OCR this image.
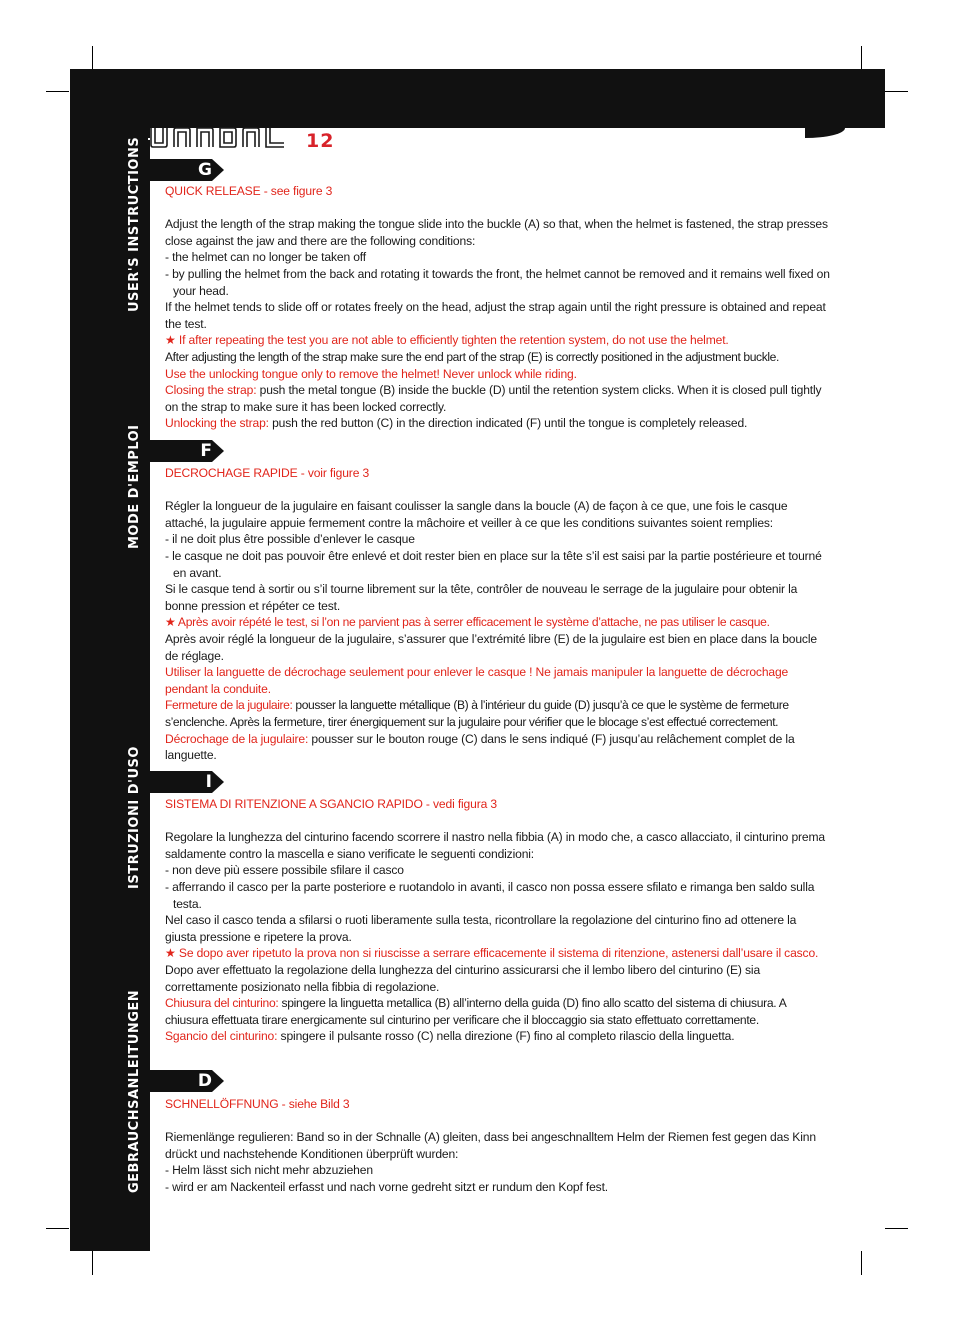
12
USER'S INSTRUCTIONS
MODE D'EMPLOI
ISTRUZIONI D'USO
GEBRAUCHSANLEITUNGEN
G
F
I
D

QUICK RELEASE - see figure 3

Adjust the length of the strap making the tongue slide into the buckle (A) so that, when the helmet is fastened, the strap presses close against the jaw and there are the following conditions:

- the helmet can no longer be taken off

- by pulling the helmet from the back and rotating it towards the front, the helmet cannot be removed and it remains well fixed on your head.

If the helmet tends to slide off or rotates freely on the head, adjust the strap again until the right pressure is obtained and repeat the test.

★ If after repeating the test you are not able to efficiently tighten the retention system, do not use the helmet.

After adjusting the length of the strap make sure the end part of the strap (E) is correctly positioned in the adjustment buckle.

Use the unlocking tongue only to remove the helmet! Never unlock while riding.

Closing the strap: push the metal tongue (B) inside the buckle (D) until the retention system clicks. When it is closed pull tightly on the strap to make sure it has been locked correctly.

Unlocking the strap: push the red button (C) in the direction indicated (F) until the tongue is completely released.

DECROCHAGE RAPIDE - voir figure 3

Régler la longueur de la jugulaire en faisant coulisser la sangle dans la boucle (A) de façon à ce que, une fois le casque attaché, la jugulaire appuie fermement contre la mâchoire et veiller à ce que les conditions suivantes soient remplies:

- il ne doit plus être possible d’enlever le casque

- le casque ne doit pas pouvoir être enlevé et doit rester bien en place sur la tête s’il est saisi par la partie postérieure et tourné en avant.

Si le casque tend à sortir ou s’il tourne librement sur la tête, contrôler de nouveau le serrage de la jugulaire pour obtenir la bonne pression et répéter ce test.

★ Après avoir répété le test, si l’on ne parvient pas à serrer efficacement le système d’attache, ne pas utiliser le casque.

Après avoir réglé la longueur de la jugulaire, s’assurer que l’extrémité libre (E) de la jugulaire est bien en place dans la boucle de réglage.

Utiliser la languette de décrochage seulement pour enlever le casque ! Ne jamais manipuler la languette de décrochage pendant la conduite.

Fermeture de la jugulaire: pousser la languette métallique (B) à l’intérieur du guide (D) jusqu’à ce que le système de fermeture s’enclenche. Après la fermeture, tirer énergiquement sur la jugulaire pour vérifier que le blocage s’est effectué correctement.

Décrochage de la jugulaire: pousser sur le bouton rouge (C) dans le sens indiqué (F) jusqu’au relâchement complet de la languette.

SISTEMA DI RITENZIONE A SGANCIO RAPIDO - vedi figura 3

Regolare la lunghezza del cinturino facendo scorrere il nastro nella fibbia (A) in modo che, a casco allacciato, il cinturino prema saldamente contro la mascella e siano verificate le seguenti condizioni:

- non deve più essere possibile sfilare il casco

- afferrando il casco per la parte posteriore e ruotandolo in avanti, il casco non possa essere sfilato e rimanga ben saldo sulla testa.

Nel caso il casco tenda a sfilarsi o ruoti liberamente sulla testa, ricontrollare la regolazione del cinturino fino ad ottenere la giusta pressione e ripetere la prova.

★ Se dopo aver ripetuto la prova non si riuscisse a serrare efficacemente il sistema di ritenzione, astenersi dall’usare il casco.

Dopo aver effettuato la regolazione della lunghezza del cinturino assicurarsi che il lembo libero del cinturino (E) sia correttamente posizionato nella fibbia di regolazione.

Chiusura del cinturino: spingere la linguetta metallica (B) all’interno della guida (D) fino allo scatto del sistema di chiusura. A chiusura effettuata tirare energicamente sul cinturino per verificare che il bloccaggio sia stato effettuato correttamente.

Sgancio del cinturino: spingere il pulsante rosso (C) nella direzione (F) fino al completo rilascio della linguetta.

SCHNELLÖFFNUNG - siehe Bild 3

Riemenlänge regulieren: Band so in der Schnalle (A) gleiten, dass bei angeschnalltem Helm der Riemen fest gegen das Kinn drückt und nachstehende Konditionen überprüft wurden:

- Helm lässt sich nicht mehr abzuziehen

- wird er am Nackenteil erfasst und nach vorne gedreht sitzt er rundum den Kopf fest.
